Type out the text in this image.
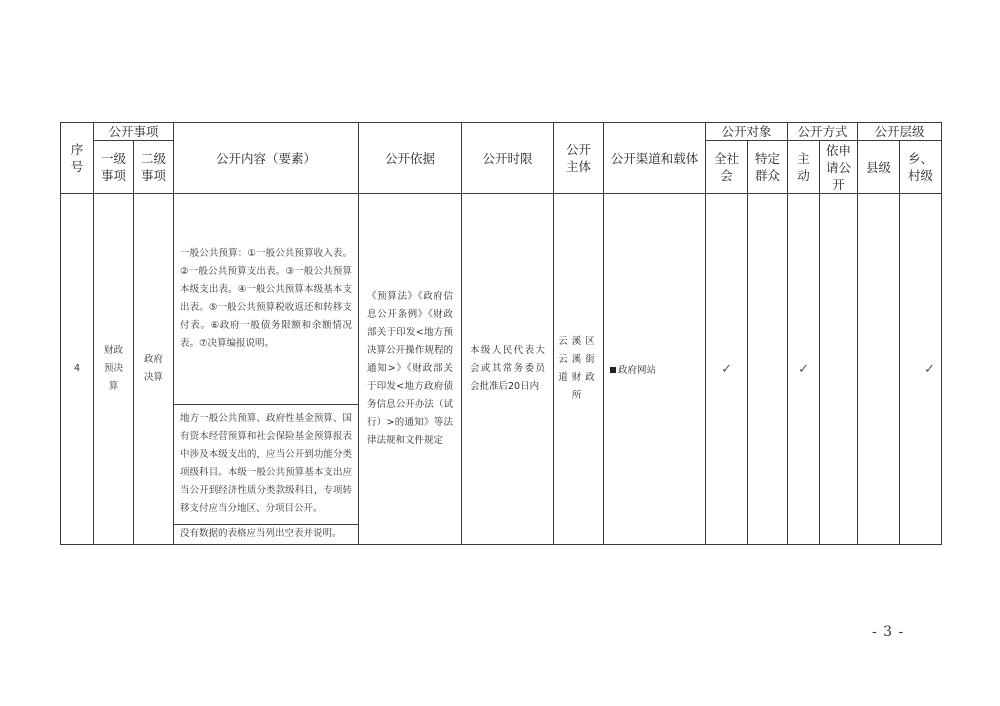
序号	公开事项		公开内容（要素）	公开依据	公开时限	公开主体	公开渠道和载体	公开对象		公开方式		公开层级	
	一级事项	二级事项						全社会	特定群众	主动	依申请公开	县级	乡、村级
4	财政预决算	政府决算	一般公共预算：①一般公共预算收入表。②一般公共预算支出表。③一般公共预算本级支出表。④一般公共预算本级基本支出表。⑤一般公共预算税收返还和转移支付表。⑥政府一般债务限额和余额情况表。⑦决算编报说明。	《预算法》《政府信息公开条例》《财政部关于印发<地方预决算公开操作规程的通知>》《财政部关于印发<地方政府债务信息公开办法（试行）>的通知》等法律法规和文件规定	本级人民代表大会或其常务委员会批准后20日内	云溪区云溪街道财政所	政府网站	✓		✓			✓

			地方一般公共预算、政府性基金预算、国有资本经营预算和社会保险基金预算报表中涉及本级支出的，应当公开到功能分类项级科目。本级一般公共预算基本支出应当公开到经济性质分类款级科目，专项转移支付应当分地区、分项目公开。										

			没有数据的表格应当列出空表并说明。										
- 3 -
